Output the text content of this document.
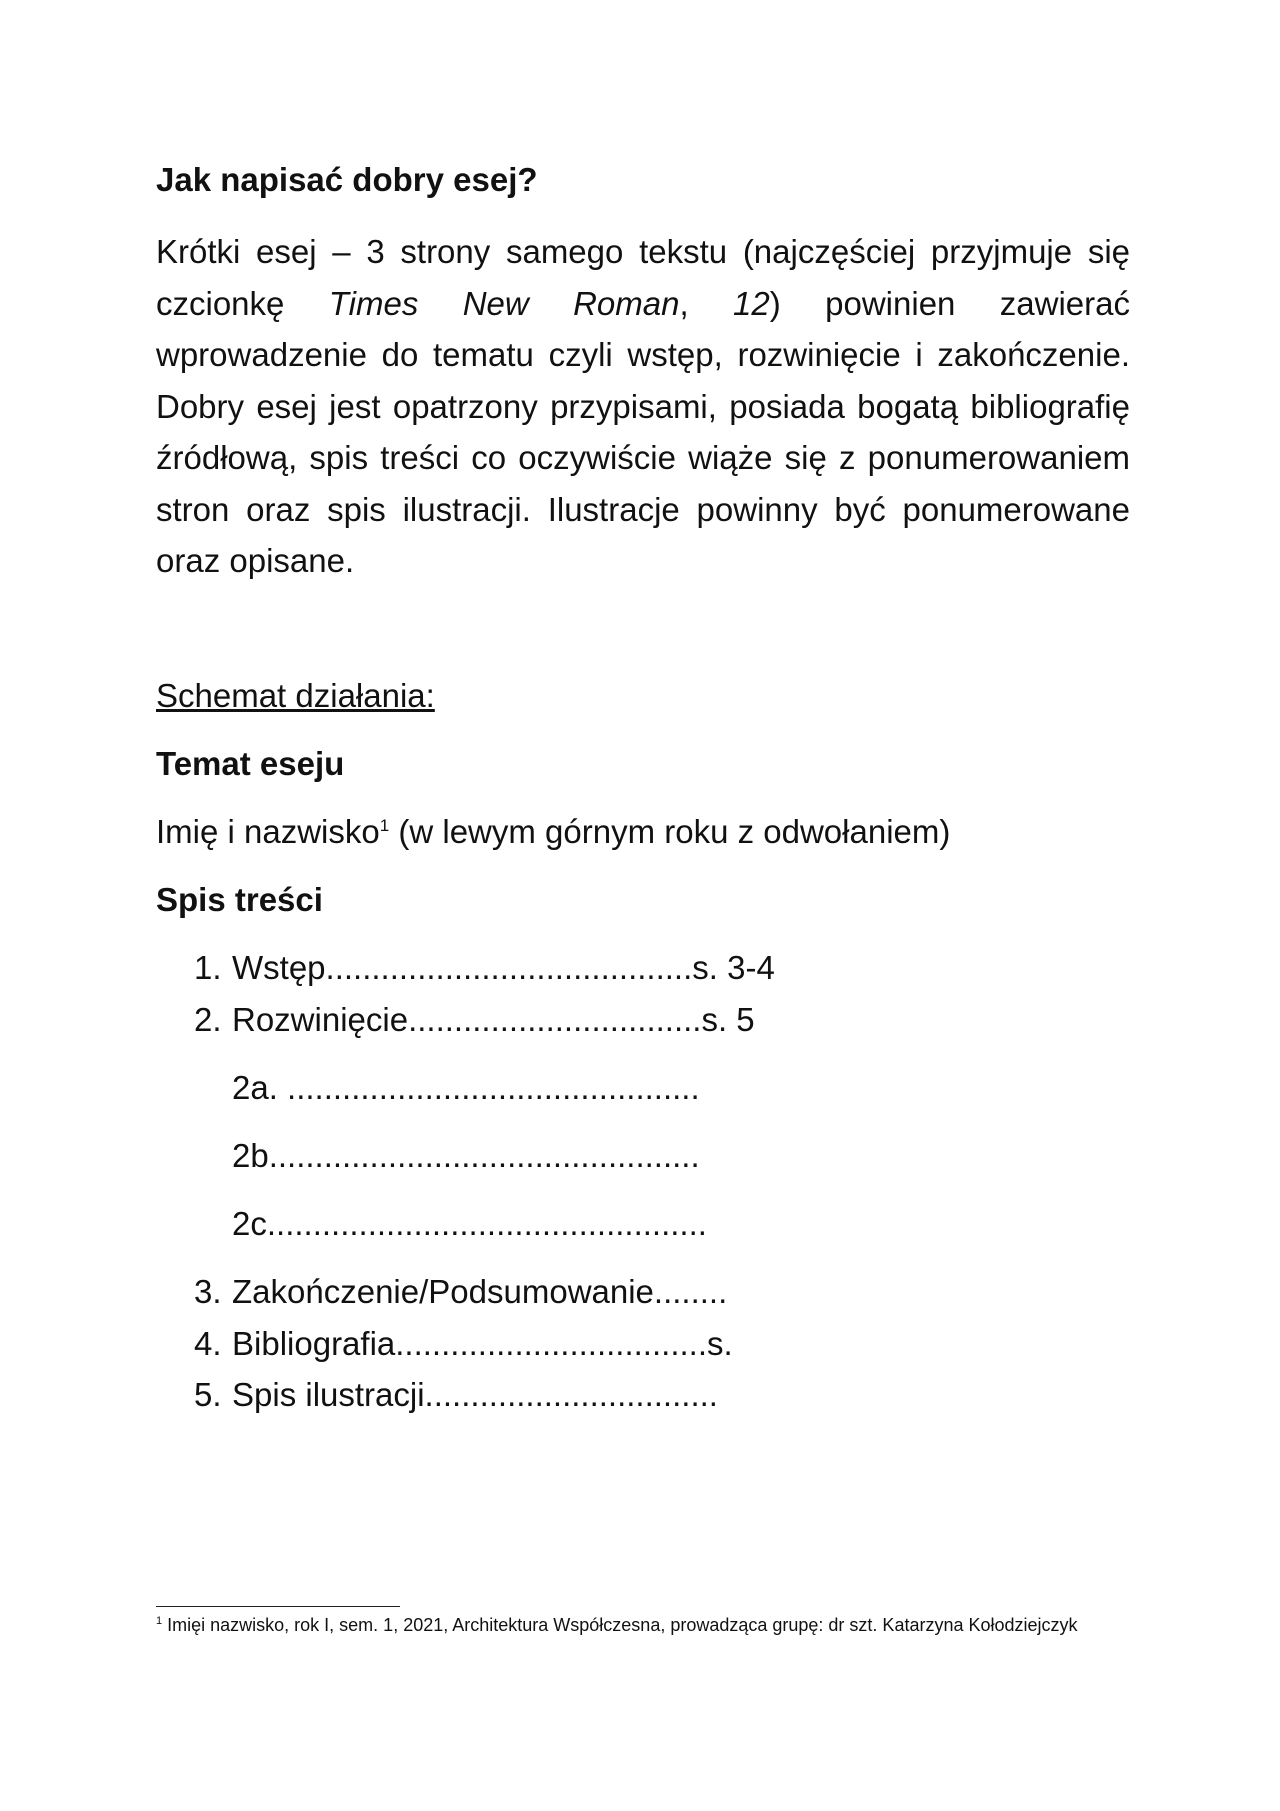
Jak napisać dobry esej?

Krótki esej – 3 strony samego tekstu (najczęściej przyjmuje się czcionkę Times New Roman, 12) powinien zawierać wprowadzenie do tematu czyli wstęp, rozwinięcie i zakończenie. Dobry esej jest opatrzony przypisami, posiada bogatą bibliografię źródłową, spis treści co oczywiście wiąże się z ponumerowaniem stron oraz spis ilustracji. Ilustracje powinny być ponumerowane oraz opisane.

Schemat działania:

Temat eseju

Imię i nazwisko$^1$ (w lewym górnym roku z odwołaniem)

Spis treści

1. Wstęp........................................s. 3-4
2. Rozwinięcie................................s. 5
2a. .............................................
2b...............................................
2c................................................
3. Zakończenie/Podsumowanie........
4. Bibliografia..................................s.
5. Spis ilustracji................................

$^1$ Imięi nazwisko, rok I, sem. 1, 2021, Architektura Współczesna, prowadząca grupę: dr szt. Katarzyna Kołodziejczyk
